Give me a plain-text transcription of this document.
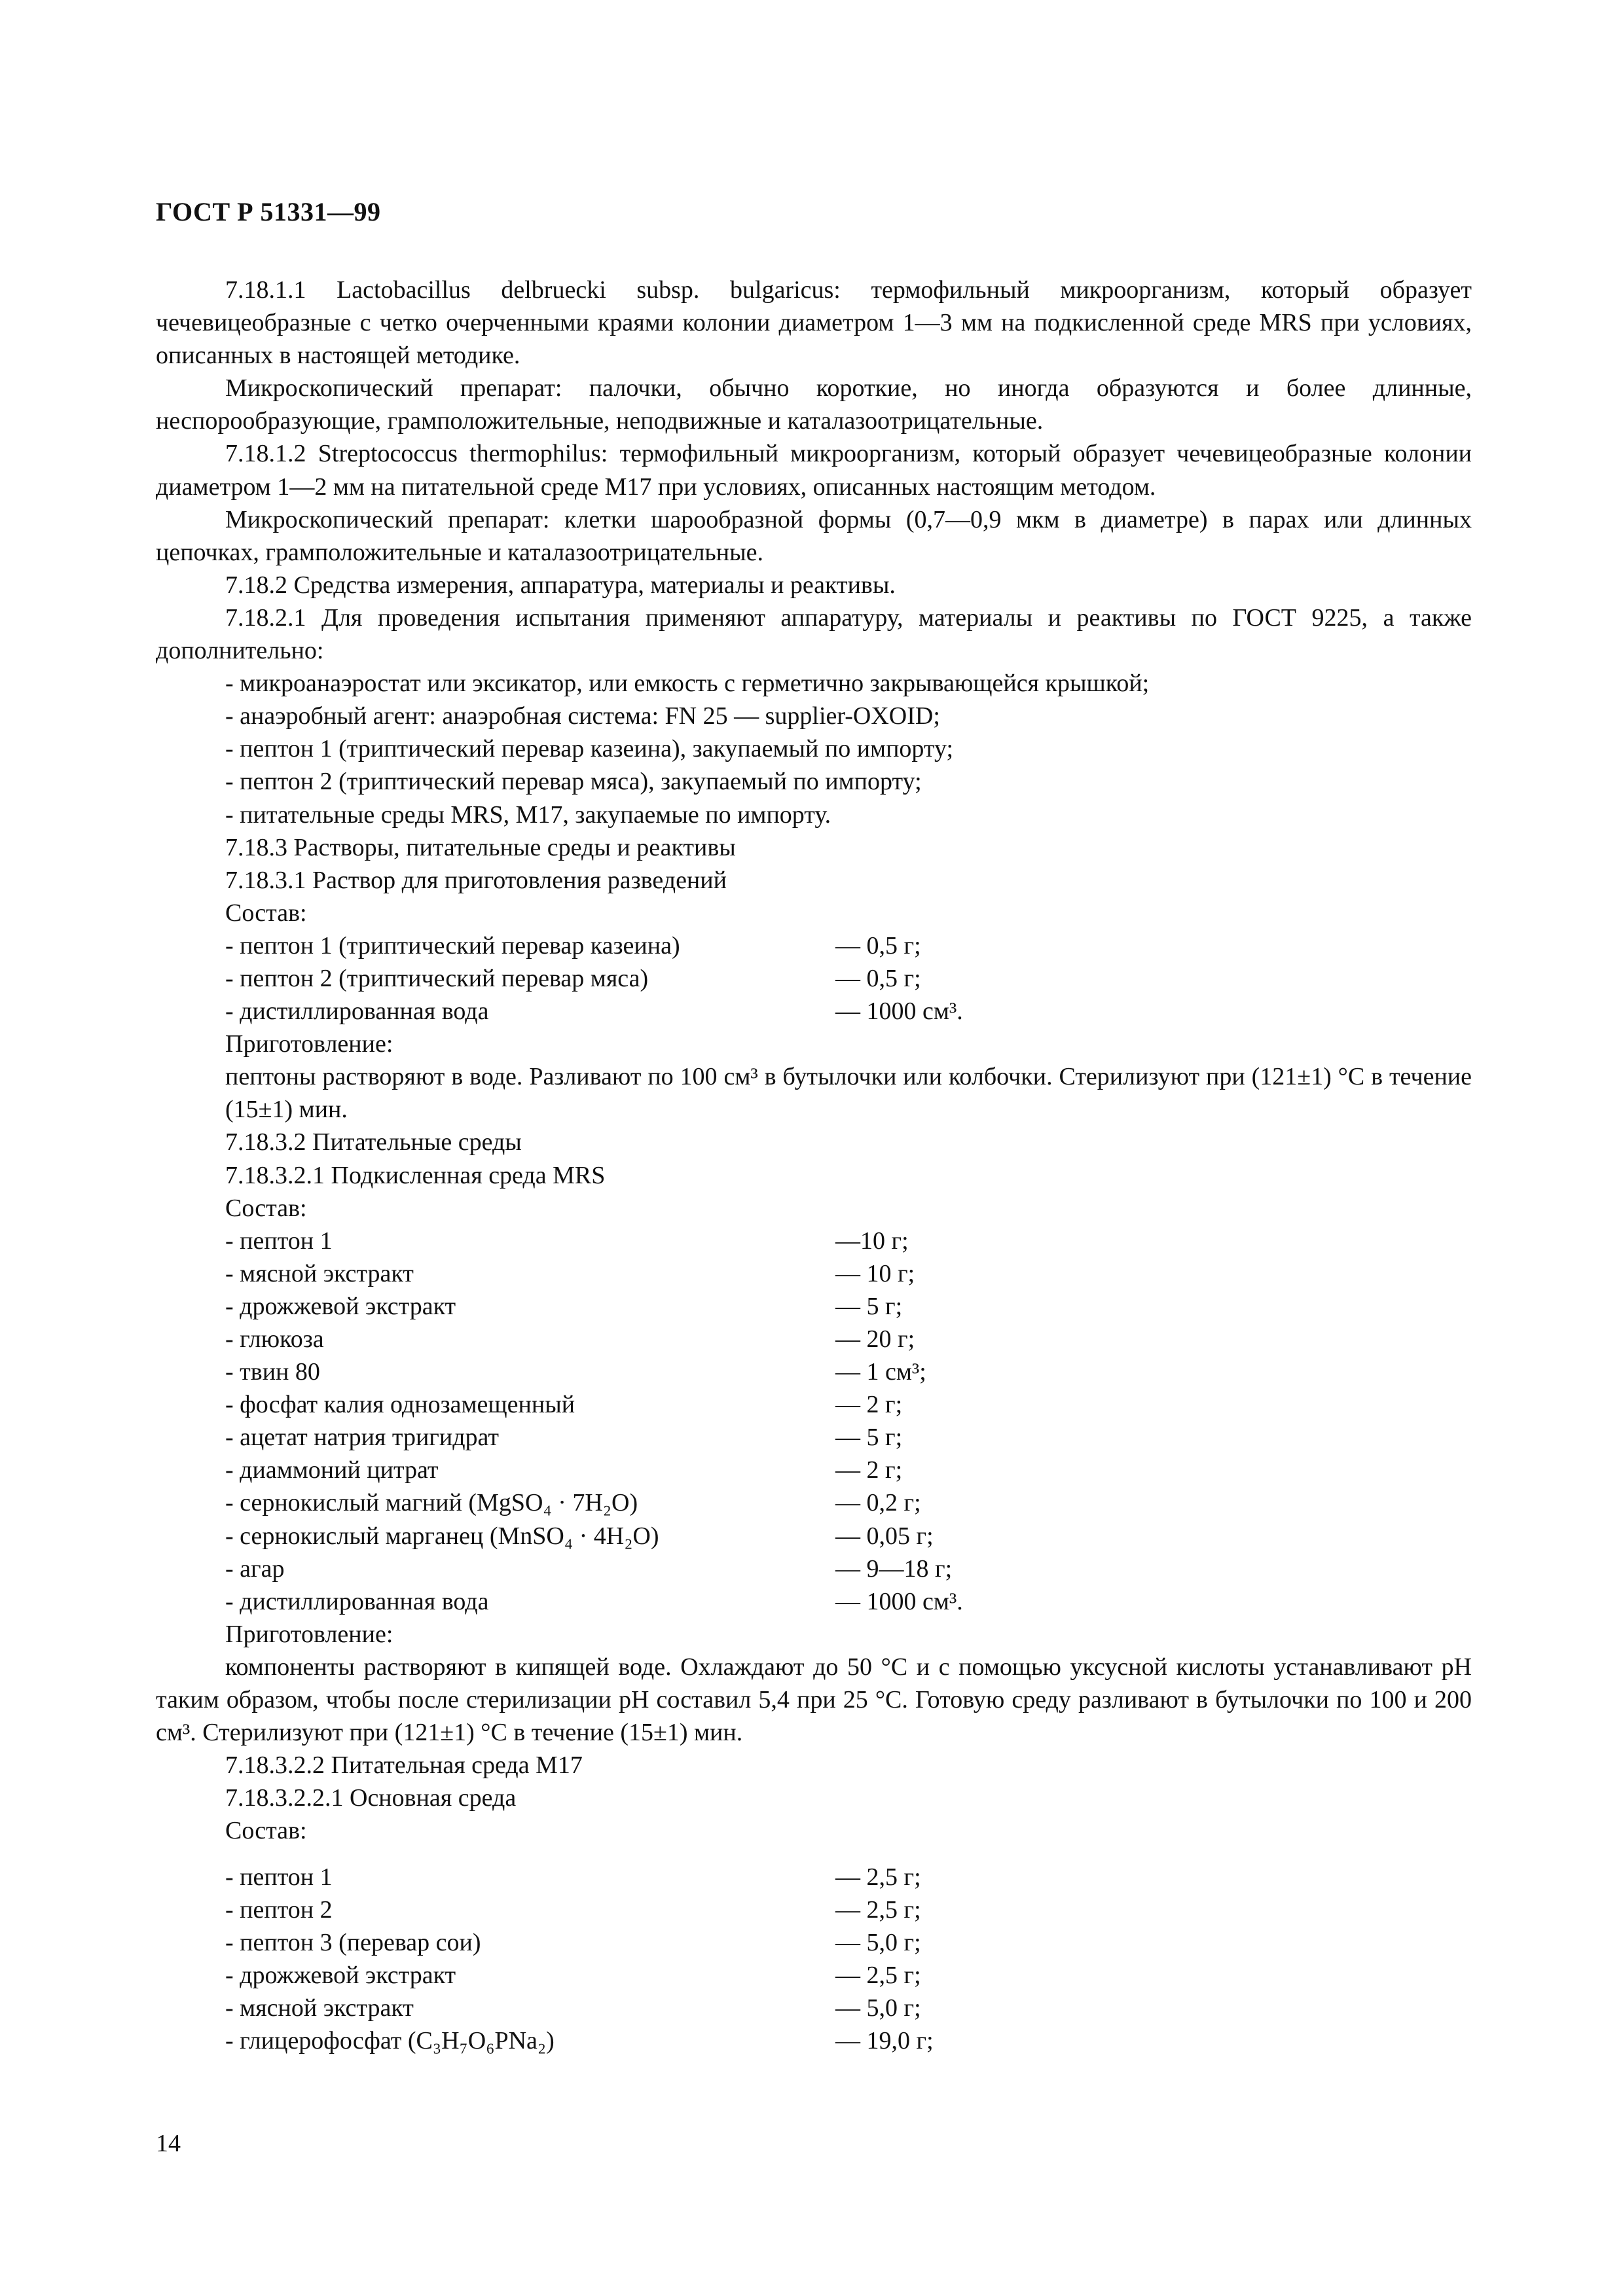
ГОСТ Р 51331—99

7.18.1.1 Lactobacillus delbruecki subsp. bulgaricus: термофильный микроорганизм, который образует чечевицеобразные с четко очерченными краями колонии диаметром 1—3 мм на подкисленной среде MRS при условиях, описанных в настоящей методике.

Микроскопический препарат: палочки, обычно короткие, но иногда образуются и более длинные, неспорообразующие, грамположительные, неподвижные и каталазоотрицательные.

7.18.1.2 Streptococcus thermophilus: термофильный микроорганизм, который образует чечевицеобразные колонии диаметром 1—2 мм на питательной среде М17 при условиях, описанных настоящим методом.

Микроскопический препарат: клетки шарообразной формы (0,7—0,9 мкм в диаметре) в парах или длинных цепочках, грамположительные и каталазоотрицательные.

7.18.2 Средства измерения, аппаратура, материалы и реактивы.

7.18.2.1 Для проведения испытания применяют аппаратуру, материалы и реактивы по ГОСТ 9225, а также дополнительно:

- микроанаэростат или эксикатор, или емкость с герметично закрывающейся крышкой;
- анаэробный агент: анаэробная система: FN 25 — supplier-OXOID;
- пептон 1 (триптический перевар казеина), закупаемый по импорту;
- пептон 2 (триптический перевар мяса), закупаемый по импорту;
- питательные среды MRS, M17, закупаемые по импорту.

7.18.3 Растворы, питательные среды и реактивы

7.18.3.1 Раствор для приготовления разведений

Состав:

- пептон 1 (триптический перевар казеина)	— 0,5 г;
- пептон 2 (триптический перевар мяса)	— 0,5 г;
- дистиллированная вода	— 1000 см³.

Приготовление:

пептоны растворяют в воде. Разливают по 100 см³ в бутылочки или колбочки. Стерилизуют при (121±1) °С в течение (15±1) мин.

7.18.3.2 Питательные среды

7.18.3.2.1 Подкисленная среда MRS

Состав:

- пептон 1	—10 г;
- мясной экстракт	— 10 г;
- дрожжевой экстракт	— 5 г;
- глюкоза	— 20 г;
- твин 80	— 1 см³;
- фосфат калия однозамещенный	— 2 г;
- ацетат натрия тригидрат	— 5 г;
- диаммоний цитрат	— 2 г;
- сернокислый магний (MgSO₄ · 7H₂O)	— 0,2 г;
- сернокислый марганец (MnSO₄ · 4H₂O)	— 0,05 г;
- агар	— 9—18 г;
- дистиллированная вода	— 1000 см³.

Приготовление:

компоненты растворяют в кипящей воде. Охлаждают до 50 °С и с помощью уксусной кислоты устанавливают рН таким образом, чтобы после стерилизации рН составил 5,4 при 25 °С. Готовую среду разливают в бутылочки по 100 и 200 см³. Стерилизуют при (121±1) °С в течение (15±1) мин.

7.18.3.2.2 Питательная среда М17

7.18.3.2.2.1 Основная среда

Состав:

- пептон 1	— 2,5 г;
- пептон 2	— 2,5 г;
- пептон 3 (перевар сои)	— 5,0 г;
- дрожжевой экстракт	— 2,5 г;
- мясной экстракт	— 5,0 г;
- глицерофосфат (C₃H₇O₆PNa₂)	— 19,0 г;
14
